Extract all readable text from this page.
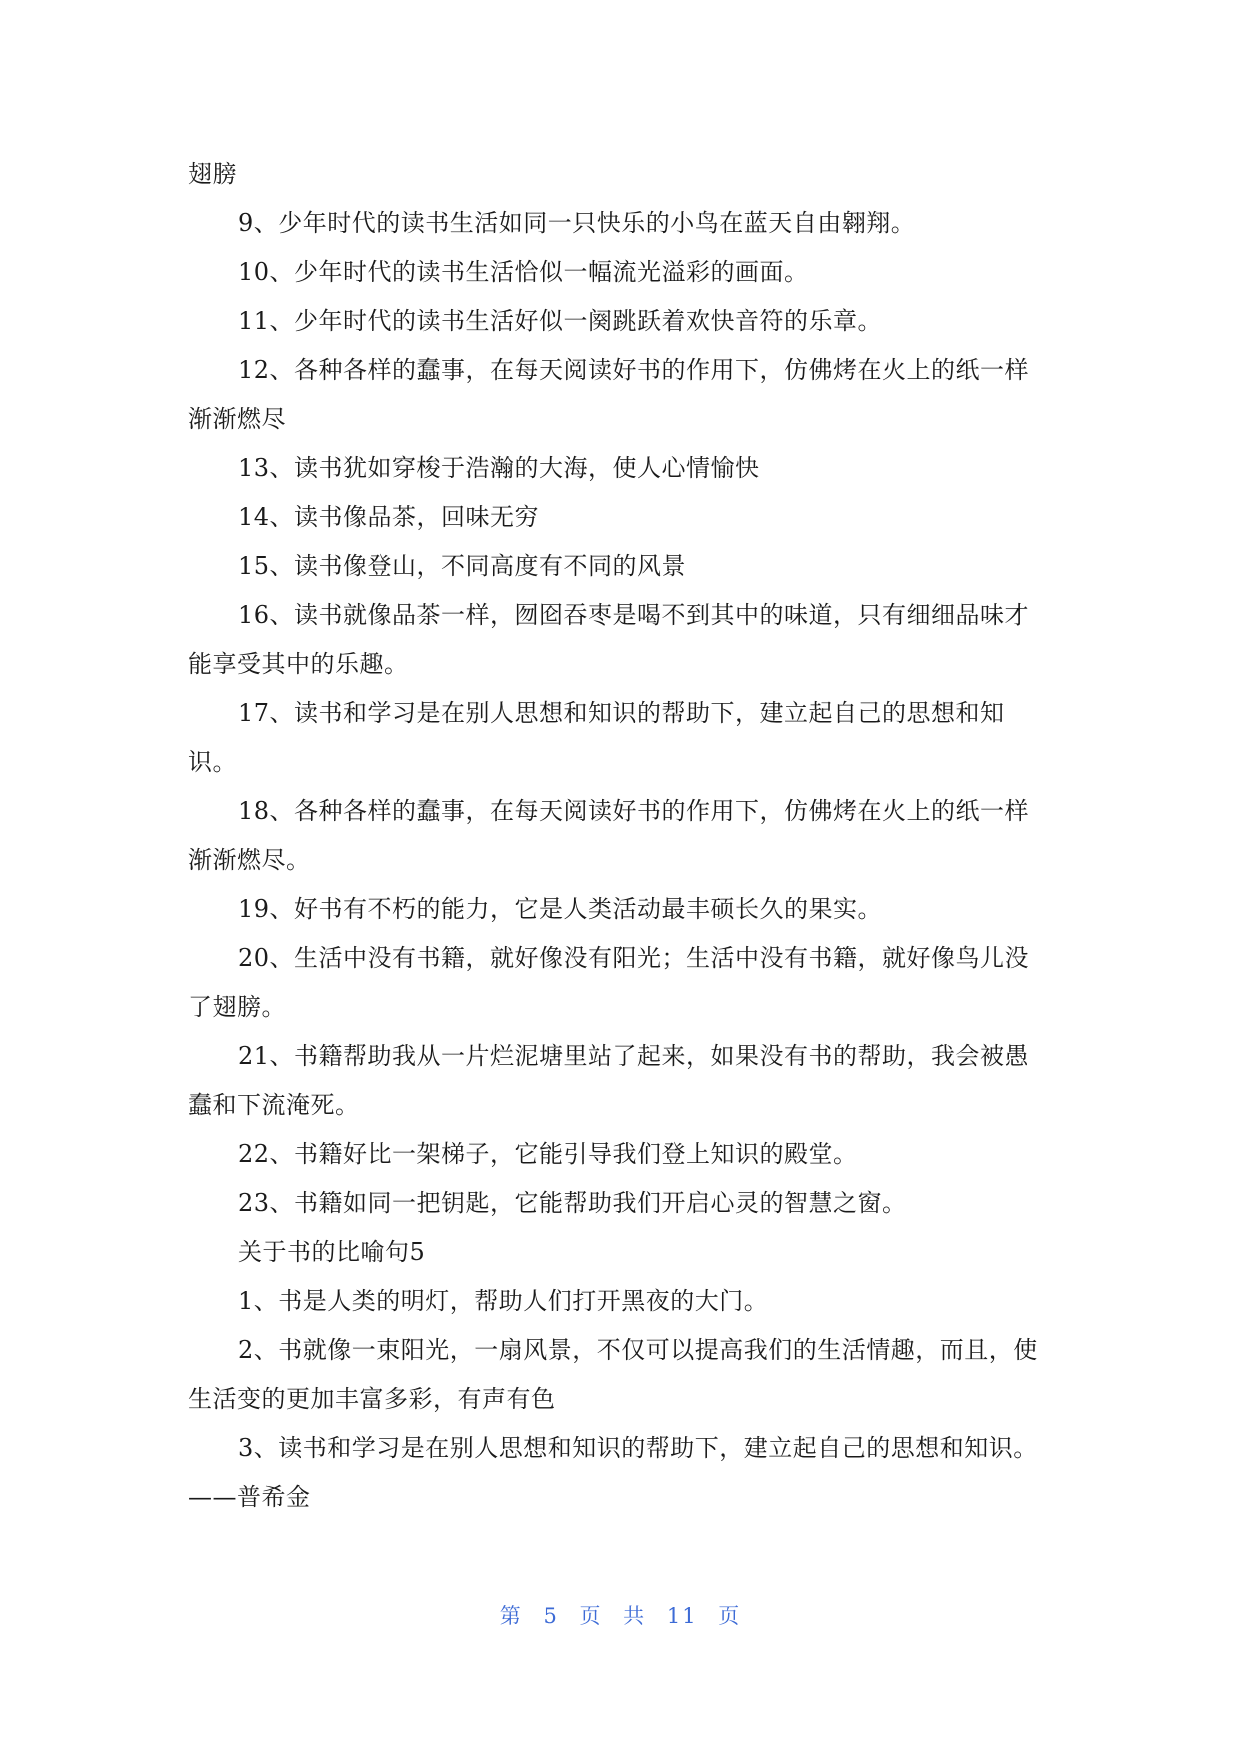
翅膀
9、少年时代的读书生活如同一只快乐的小鸟在蓝天自由翱翔。
10、少年时代的读书生活恰似一幅流光溢彩的画面。
11、少年时代的读书生活好似一阕跳跃着欢快音符的乐章。
12、各种各样的蠢事，在每天阅读好书的作用下，仿佛烤在火上的纸一样
渐渐燃尽
13、读书犹如穿梭于浩瀚的大海，使人心情愉快
14、读书像品茶，回味无穷
15、读书像登山，不同高度有不同的风景
16、读书就像品茶一样，囫囵吞枣是喝不到其中的味道，只有细细品味才
能享受其中的乐趣。
17、读书和学习是在别人思想和知识的帮助下，建立起自己的思想和知
识。
18、各种各样的蠢事，在每天阅读好书的作用下，仿佛烤在火上的纸一样
渐渐燃尽。
19、好书有不朽的能力，它是人类活动最丰硕长久的果实。
20、生活中没有书籍，就好像没有阳光；生活中没有书籍，就好像鸟儿没
了翅膀。
21、书籍帮助我从一片烂泥塘里站了起来，如果没有书的帮助，我会被愚
蠢和下流淹死。
22、书籍好比一架梯子，它能引导我们登上知识的殿堂。
23、书籍如同一把钥匙，它能帮助我们开启心灵的智慧之窗。
关于书的比喻句5
1、书是人类的明灯，帮助人们打开黑夜的大门。
2、书就像一束阳光，一扇风景，不仅可以提高我们的生活情趣，而且，使
生活变的更加丰富多彩，有声有色
3、读书和学习是在别人思想和知识的帮助下，建立起自己的思想和知识。
——普希金
第 5 页 共 11 页
